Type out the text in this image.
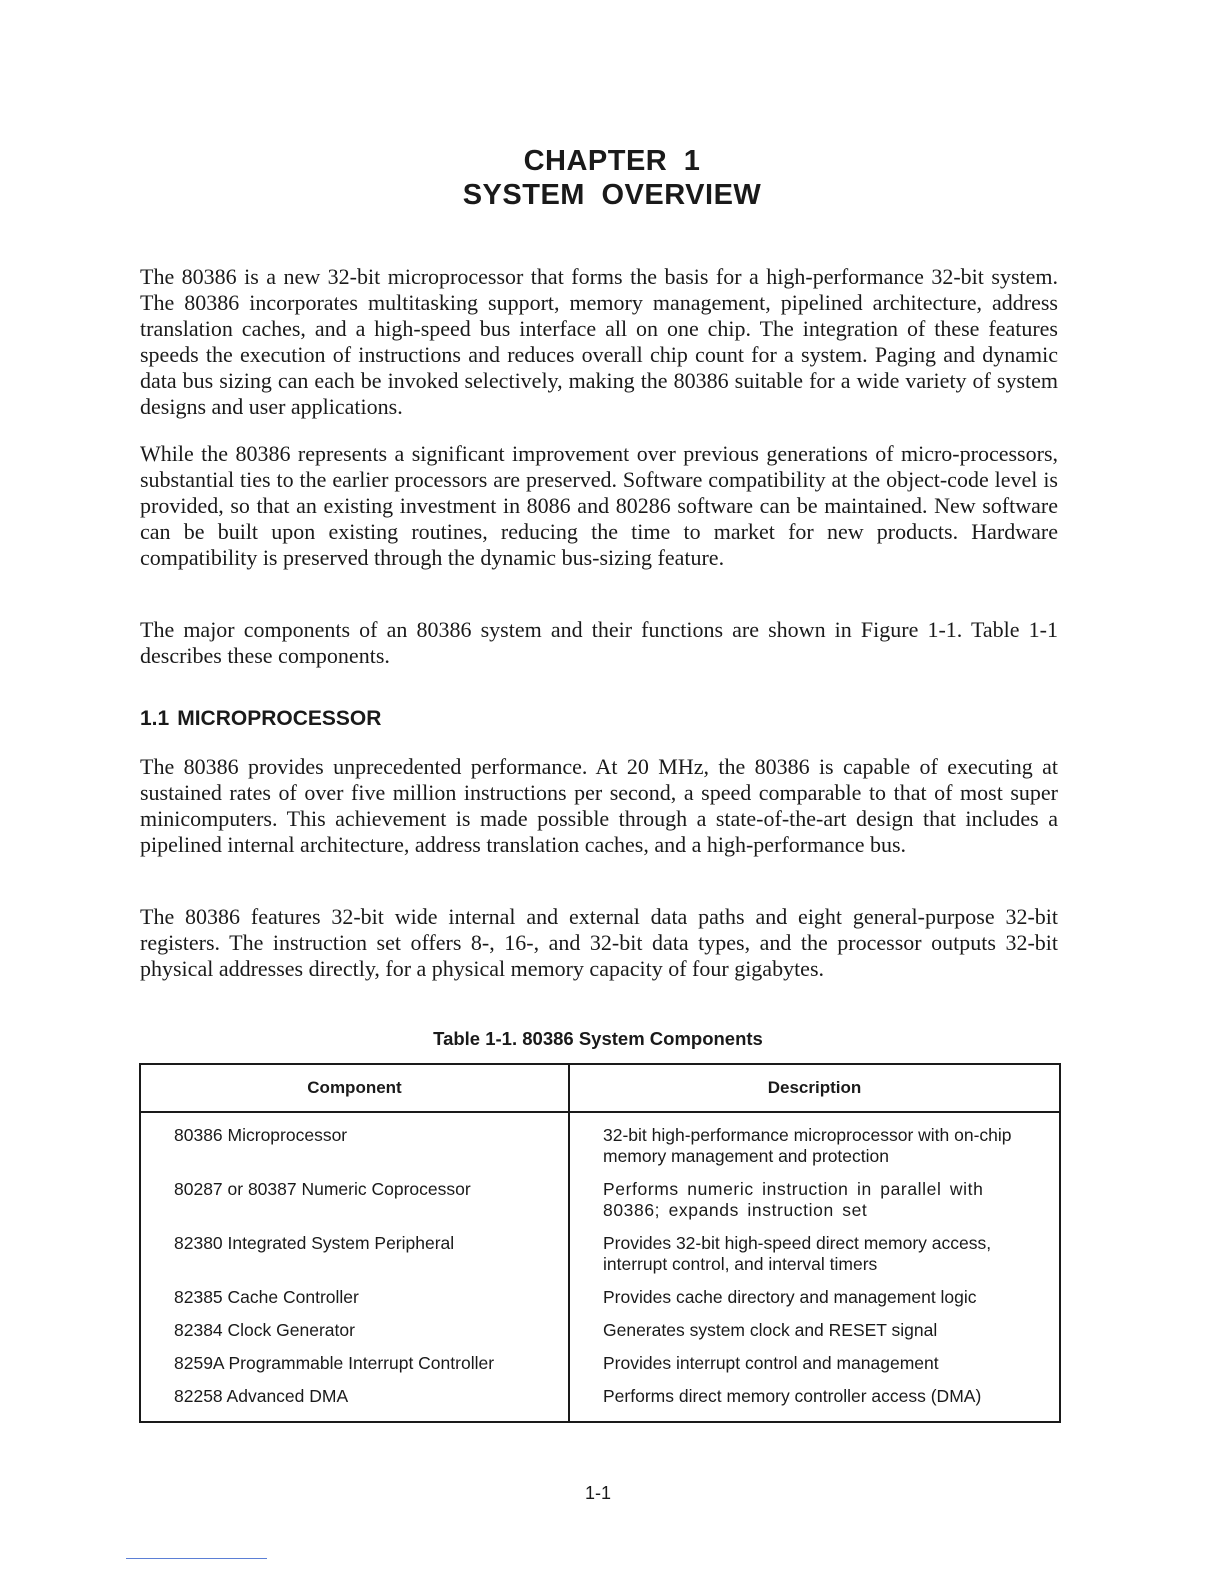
CHAPTER 1
SYSTEM OVERVIEW

The 80386 is a new 32-bit microprocessor that forms the basis for a high-performance 32-bit system. The 80386 incorporates multitasking support, memory management, pipelined architecture, address translation caches, and a high-speed bus interface all on one chip. The integration of these features speeds the execution of instructions and reduces overall chip count for a system. Paging and dynamic data bus sizing can each be invoked selectively, making the 80386 suitable for a wide variety of system designs and user applications.

While the 80386 represents a significant improvement over previous generations of micro-processors, substantial ties to the earlier processors are preserved. Software compatibility at the object-code level is provided, so that an existing investment in 8086 and 80286 software can be maintained. New software can be built upon existing routines, reducing the time to market for new products. Hardware compatibility is preserved through the dynamic bus-sizing feature.

The major components of an 80386 system and their functions are shown in Figure 1-1. Table 1-1 describes these components.

1.1 MICROPROCESSOR

The 80386 provides unprecedented performance. At 20 MHz, the 80386 is capable of executing at sustained rates of over five million instructions per second, a speed comparable to that of most super minicomputers. This achievement is made possible through a state-of-the-art design that includes a pipelined internal architecture, address translation caches, and a high-performance bus.

The 80386 features 32-bit wide internal and external data paths and eight general-purpose 32-bit registers. The instruction set offers 8-, 16-, and 32-bit data types, and the processor outputs 32-bit physical addresses directly, for a physical memory capacity of four gigabytes.

Table 1-1. 80386 System Components
Component	Description
80386 Microprocessor	32-bit high-performance microprocessor with on-chip memory management and protection
80287 or 80387 Numeric Coprocessor	Performs numeric instruction in parallel with 80386; expands instruction set
82380 Integrated System Peripheral	Provides 32-bit high-speed direct memory access, interrupt control, and interval timers
82385 Cache Controller	Provides cache directory and management logic
82384 Clock Generator	Generates system clock and RESET signal
8259A Programmable Interrupt Controller	Provides interrupt control and management
82258 Advanced DMA	Performs direct memory controller access (DMA)
1-1
